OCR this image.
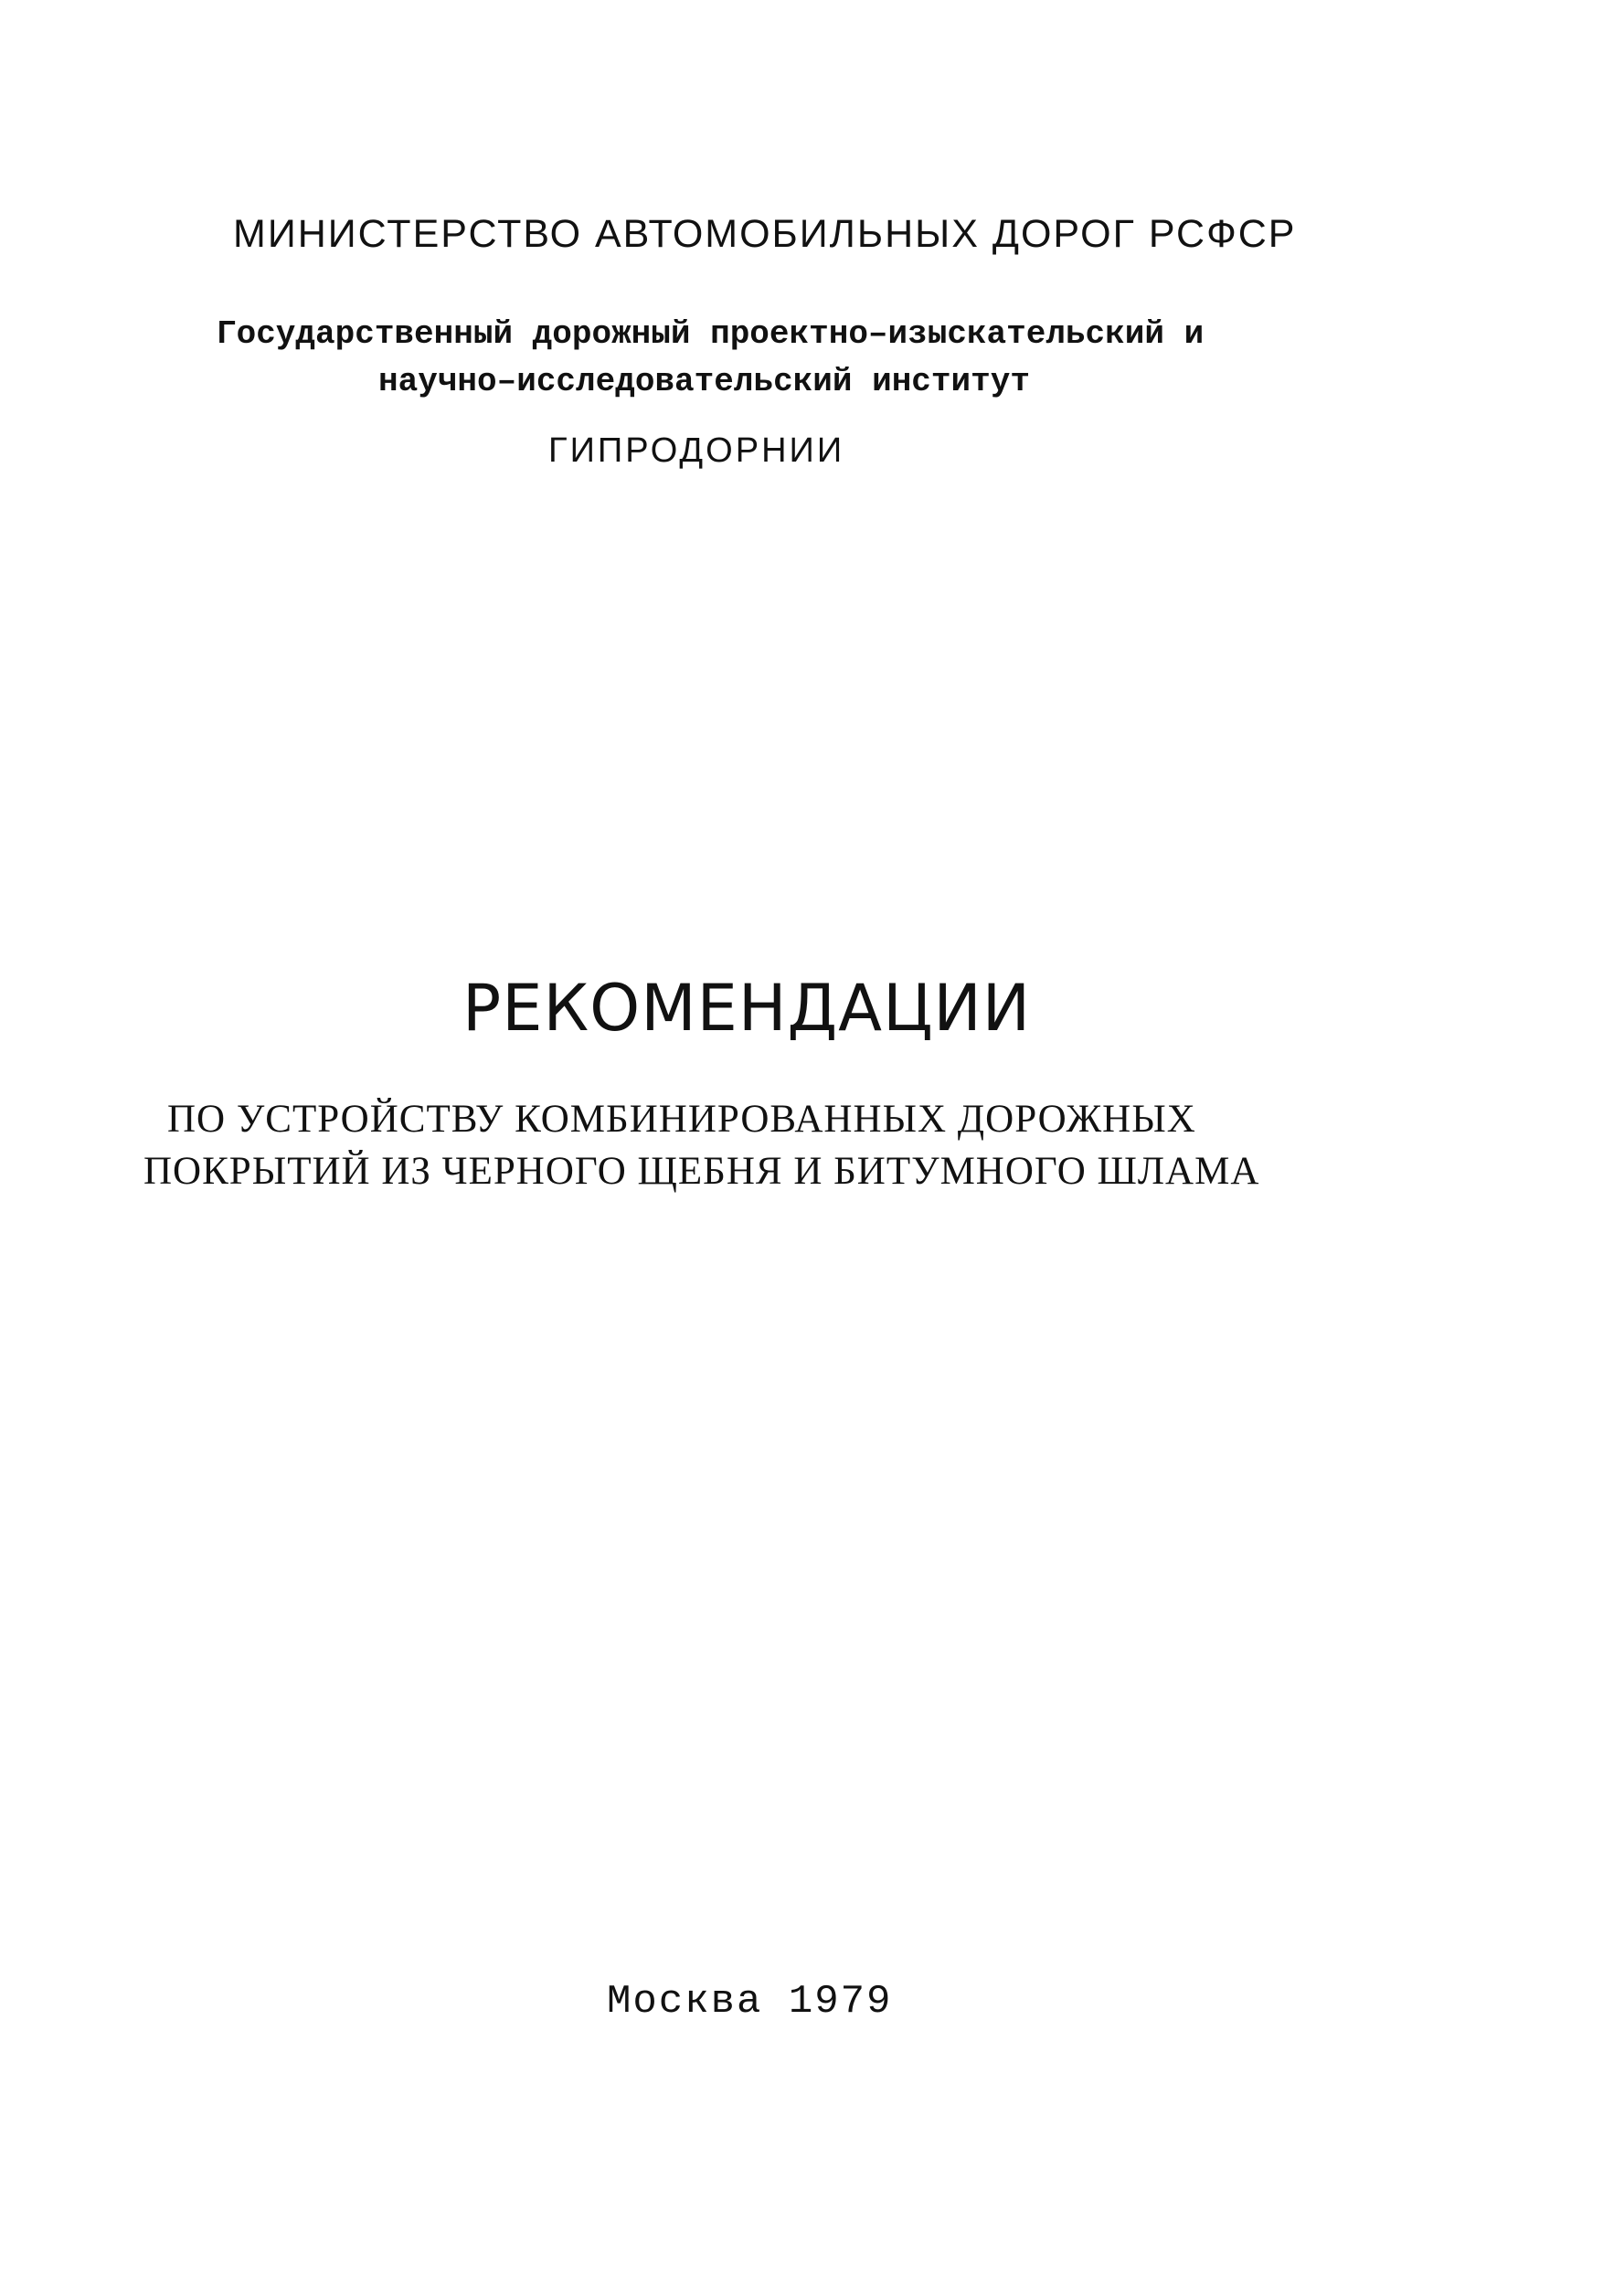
МИНИСТЕРСТВО АВТОМОБИЛЬНЫХ ДОРОГ РСФСР
Государственный дорожный проектно–изыскательский и
научно–исследовательский институт
ГИПРОДОРНИИ
РЕКОМЕНДАЦИИ
ПО УСТРОЙСТВУ КОМБИНИРОВАННЫХ ДОРОЖНЫХ
ПОКРЫТИЙ ИЗ ЧЕРНОГО ЩЕБНЯ И БИТУМНОГО ШЛАМА
Москва 1979
